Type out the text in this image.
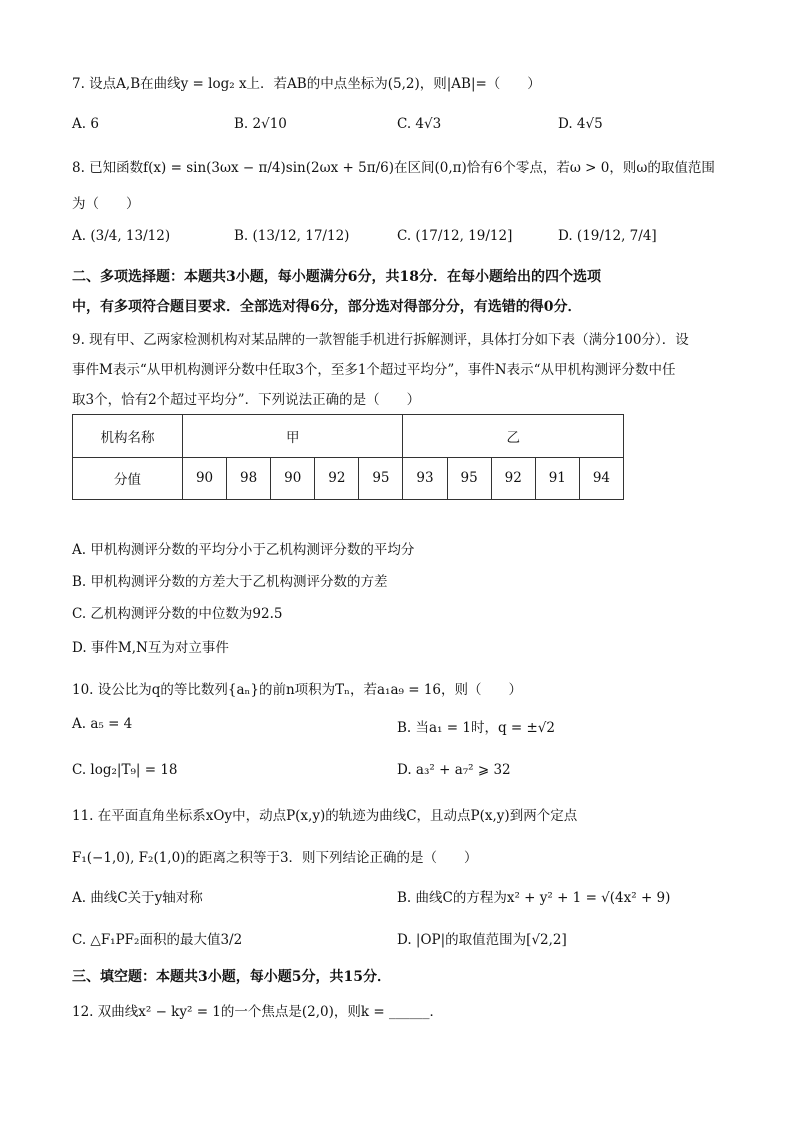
7. 设点A,B在曲线y = log₂ x上．若AB的中点坐标为(5,2)，则|AB|=（　　）
A. 6	B. 2√10	C. 4√3	D. 4√5
8. 已知函数f(x) = sin(3ωx − π/4)sin(2ωx + 5π/6)在区间(0,π)恰有6个零点，若ω > 0，则ω的取值范围
为（　　）
A. (3/4, 13/12)	B. (13/12, 17/12)	C. (17/12, 19/12]	D. (19/12, 7/4]
二、多项选择题：本题共3小题，每小题满分6分，共18分．在每小题给出的四个选项
中，有多项符合题目要求．全部选对得6分，部分选对得部分分，有选错的得0分．
9. 现有甲、乙两家检测机构对某品牌的一款智能手机进行拆解测评，具体打分如下表（满分100分）．设
事件M表示“从甲机构测评分数中任取3个，至多1个超过平均分”，事件N表示“从甲机构测评分数中任
取3个，恰有2个超过平均分”．下列说法正确的是（　　）
机构名称	甲					乙				
分值	90	98	90	92	95	93	95	92	91	94
A. 甲机构测评分数的平均分小于乙机构测评分数的平均分
B. 甲机构测评分数的方差大于乙机构测评分数的方差
C. 乙机构测评分数的中位数为92.5
D. 事件M,N互为对立事件
10. 设公比为q的等比数列{aₙ}的前n项积为Tₙ，若a₁a₉ = 16，则（　　）
A. a₅ = 4	B. 当a₁ = 1时，q = ±√2
C. log₂|T₉| = 18	D. a₃² + a₇² ⩾ 32
11. 在平面直角坐标系xOy中，动点P(x,y)的轨迹为曲线C，且动点P(x,y)到两个定点
F₁(−1,0), F₂(1,0)的距离之积等于3．则下列结论正确的是（　　）
A. 曲线C关于y轴对称	B. 曲线C的方程为x² + y² + 1 = √(4x² + 9)
C. △F₁PF₂面积的最大值3/2	D. |OP|的取值范围为[√2,2]
三、填空题：本题共3小题，每小题5分，共15分．
12. 双曲线x² − ky² = 1的一个焦点是(2,0)，则k = ______．
